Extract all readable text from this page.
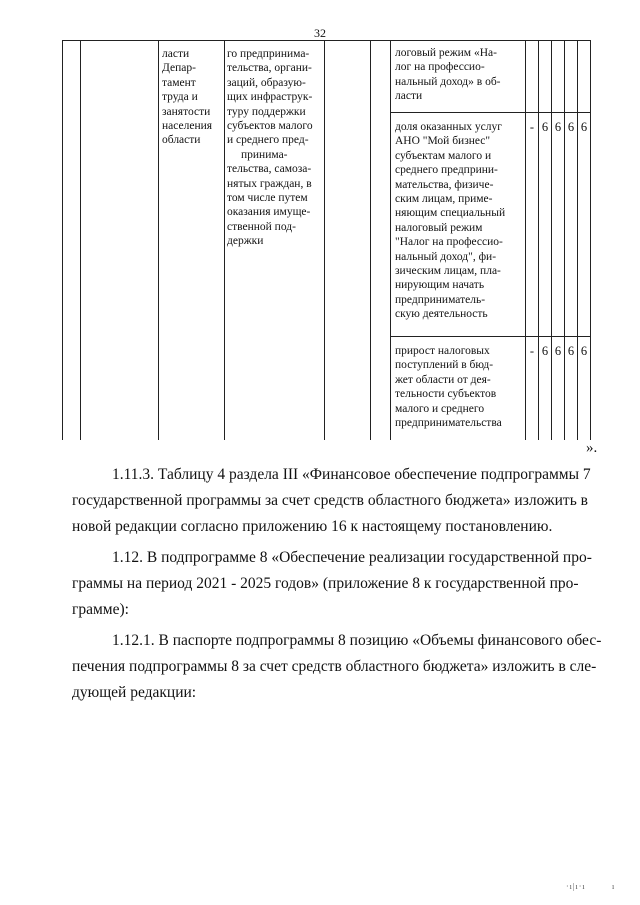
32
ласти
Депар-
тамент
труда и
занятости
населения
области
го предпринима-
тельства, органи-
заций, образую-
щих инфраструк-
туру поддержки
субъектов малого
и среднего пред-
принима-
тельства, самоза-
нятых граждан, в
том числе путем
оказания имуще-
ственной под-
держки
логовый режим «На-
лог на профессио-
нальный доход» в об-
ласти
доля оказанных услуг
АНО "Мой бизнес"
субъектам малого и
среднего предприни-
мательства, физиче-
ским лицам, приме-
няющим специальный
налоговый режим
"Налог на профессио-
нальный доход", фи-
зическим лицам, пла-
нирующим начать
предприниматель-
скую деятельность
- 6 6 6 6
прирост налоговых
поступлений в бюд-
жет области от дея-
тельности субъектов
малого и среднего
предпринимательства
- 6 6 6 6
».
1.11.3. Таблицу 4 раздела III «Финансовое обеспечение подпрограммы 7
государственной программы за счет средств областного бюджета» изложить в
новой редакции согласно приложению 16 к настоящему постановлению.
1.12. В подпрограмме 8 «Обеспечение реализации государственной про-
граммы на период 2021 - 2025 годов» (приложение 8 к государственной про-
грамме):
1.12.1. В паспорте подпрограммы 8 позицию «Объемы финансового обес-
печения подпрограммы 8 за счет средств областного бюджета» изложить в сле-
дующей редакции:
·ı|ı·ı	ı
